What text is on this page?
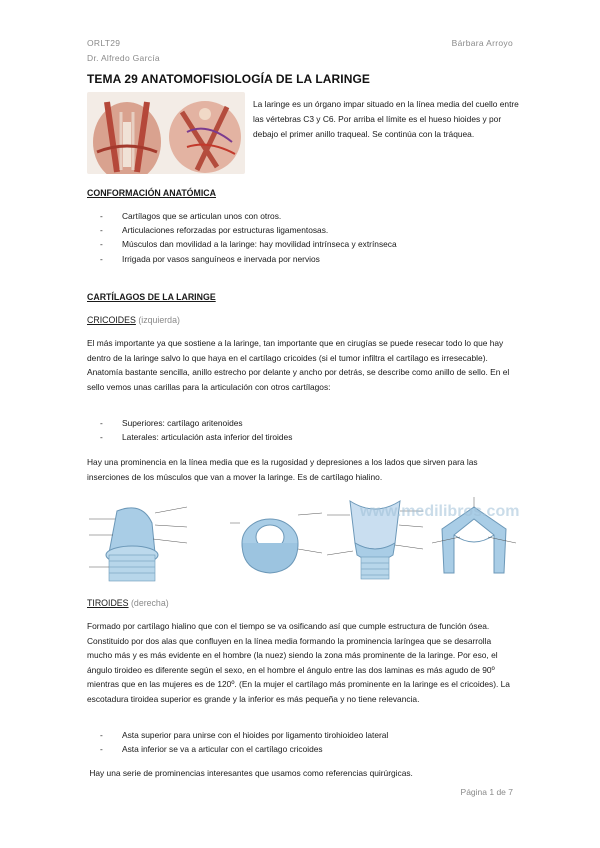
ORLT29	Bárbara Arroyo
Dr. Alfredo García
TEMA 29 ANATOMOFISIOLOGÍA DE LA LARINGE
La laringe es un órgano impar situado en la línea media del cuello entre las vértebras C3 y C6. Por arriba el límite es el hueso hioides y por debajo el primer anillo traqueal. Se continúa con la tráquea.
CONFORMACIÓN ANATÓMICA
- Cartílagos que se articulan unos con otros.
- Articulaciones reforzadas por estructuras ligamentosas.
- Músculos dan movilidad a la laringe: hay movilidad intrínseca y extrínseca
- Irrigada por vasos sanguíneos e inervada por nervios
CARTÍLAGOS DE LA LARINGE
CRICOIDES (izquierda)
El más importante ya que sostiene a la laringe, tan importante que en cirugías se puede resecar todo lo que hay dentro de la laringe salvo lo que haya en el cartílago cricoides (si el tumor infiltra el cartílago es irresecable). Anatomía bastante sencilla, anillo estrecho por delante y ancho por detrás, se describe como anillo de sello. En el sello vemos unas carillas para la articulación con otros cartílagos:
- Superiores: cartílago aritenoides
- Laterales: articulación asta inferior del tiroides
Hay una prominencia en la línea media que es la rugosidad y depresiones a los lados que sirven para las inserciones de los músculos que van a mover la laringe. Es de cartílago hialino.
www.medilibros.com
TIROIDES (derecha)
Formado por cartílago hialino que con el tiempo se va osificando así que cumple estructura de función ósea. Constituido por dos alas que confluyen en la línea media formando la prominencia laríngea que se desarrolla mucho más y es más evidente en el hombre (la nuez) siendo la zona más prominente de la laringe. Por eso, el ángulo tiroideo es diferente según el sexo, en el hombre el ángulo entre las dos laminas es más agudo de 90º mientras que en las mujeres es de 120º. (En la mujer el cartílago más prominente en la laringe es el cricoides). La escotadura tiroidea superior es grande y la inferior es más pequeña y no tiene relevancia.
- Asta superior para unirse con el hioides por ligamento tirohioideo lateral
- Asta inferior se va a articular con el cartílago cricoides
Hay una serie de prominencias interesantes que usamos como referencias quirúrgicas.
Página 1 de 7
